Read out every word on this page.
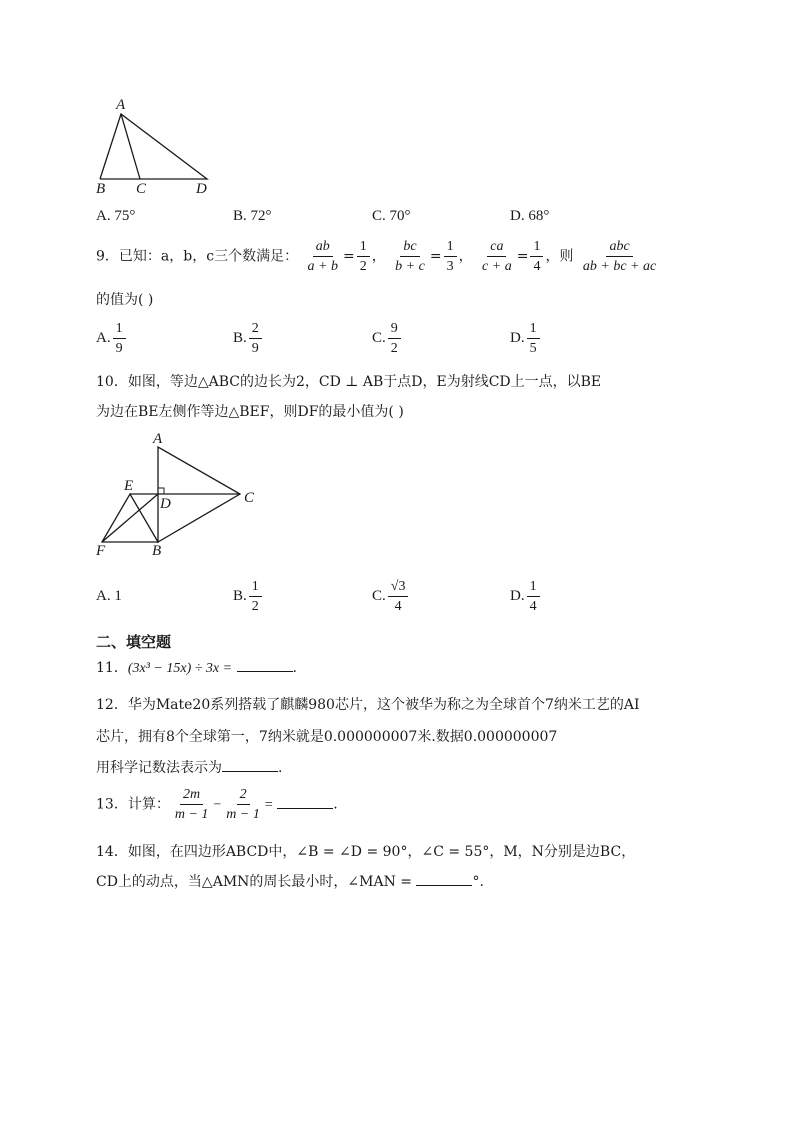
A
B C	D
A. 75°	B. 72°	C. 70°	D. 68°
9．已知：a，b，c三个数满足： $\frac{ab}{a + b} = \frac{1}{2}$ ， $\frac{bc}{b + c} = \frac{1}{3}$ ， $\frac{ca}{c + a} = \frac{1}{4}$ ，则 $\frac{\text{abc}}{ab + bc + ac}$
的值为( )
A. $\frac{1}{9}$	B. $\frac{2}{9}$	C. $\frac{9}{2}$	D. $\frac{1}{5}$
10．如图，等边△ABC的边长为2，CD ⊥ AB于点D，E为射线CD上一点，以BE
为边在BE左侧作等边△BEF，则DF的最小值为( )
A
E
D	C
F	B
A. 1	B. $\frac{1}{2}$	C. $\frac{√3}{4}$	D. $\frac{1}{4}$
二、填空题
11．(3x³ − 15x) ÷ 3x =	.
12．华为Mate20系列搭载了麒麟980芯片，这个被华为称之为全球首个7纳米工艺的AI
芯片，拥有8个全球第一，7纳米就是0.000000007米.数据0.000000007
用科学记数法表示为	.
13．计算： $\frac{2m}{m - 1} - \frac{2}{m - 1}$ =	.
14．如图，在四边形ABCD中，∠B = ∠D = 90°，∠C = 55°，M，N分别是边BC，
CD上的动点，当△AMN的周长最小时，∠MAN =	°.
